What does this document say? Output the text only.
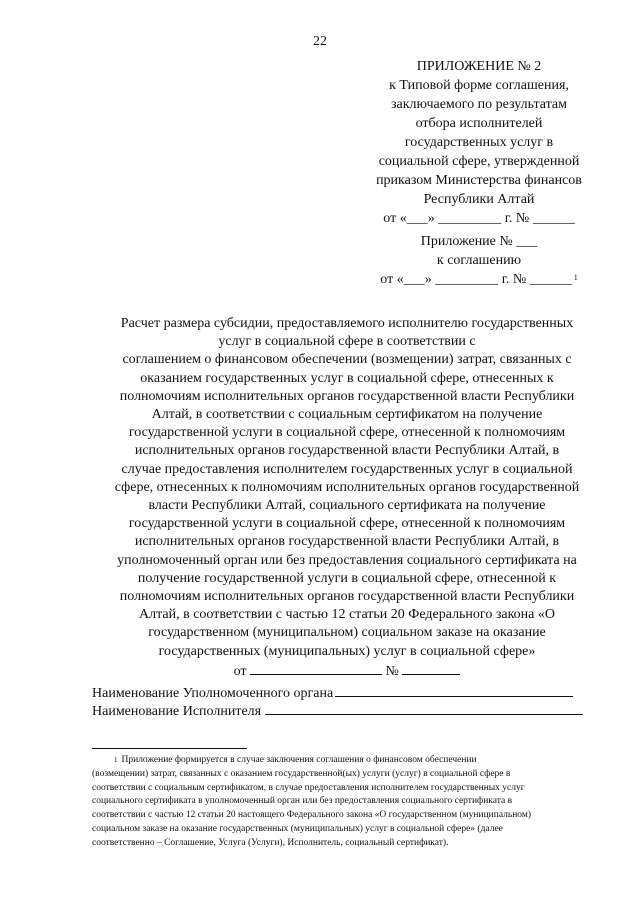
22
ПРИЛОЖЕНИЕ № 2
к Типовой форме соглашения,
заключаемого по результатам
отбора исполнителей
государственных услуг в
социальной сфере, утвержденной
приказом Министерства финансов
Республики Алтай
от «___» _________ г. № ______
Приложение № ___
к соглашению
от «___» _________ г. № ______ $^1$
Расчет размера субсидии, предоставляемого исполнителю государственных
услуг в социальной сфере в соответствии с
соглашением о финансовом обеспечении (возмещении) затрат, связанных с
оказанием государственных услуг в социальной сфере, отнесенных к
полномочиям исполнительных органов государственной власти Республики
Алтай, в соответствии с социальным сертификатом на получение
государственной услуги в социальной сфере, отнесенной к полномочиям
исполнительных органов государственной власти Республики Алтай, в
случае предоставления исполнителем государственных услуг в социальной
сфере, отнесенных к полномочиям исполнительных органов государственной
власти Республики Алтай, социального сертификата на получение
государственной услуги в социальной сфере, отнесенной к полномочиям
исполнительных органов государственной власти Республики Алтай, в
уполномоченный орган или без предоставления социального сертификата на
получение государственной услуги в социальной сфере, отнесенной к
полномочиям исполнительных органов государственной власти Республики
Алтай, в соответствии с частью 12 статьи 20 Федерального закона «О
государственном (муниципальном) социальном заказе на оказание
государственных (муниципальных) услуг в социальной сфере»
от	№
Наименование Уполномоченного органа
Наименование Исполнителя
$^1$ Приложение формируется в случае заключения соглашения о финансовом обеспечении
(возмещении) затрат, связанных с оказанием государственной(ых) услуги (услуг) в социальной сфере в
соответствии с социальным сертификатом, в случае предоставления исполнителем государственных услуг
социального сертификата в уполномоченный орган или без предоставления социального сертификата в
соответствии с частью 12 статьи 20 настоящего Федерального закона «О государственном (муниципальном)
социальном заказе на оказание государственных (муниципальных) услуг в социальной сфере» (далее
соответственно – Соглашение, Услуга (Услуги), Исполнитель, социальный сертификат).
